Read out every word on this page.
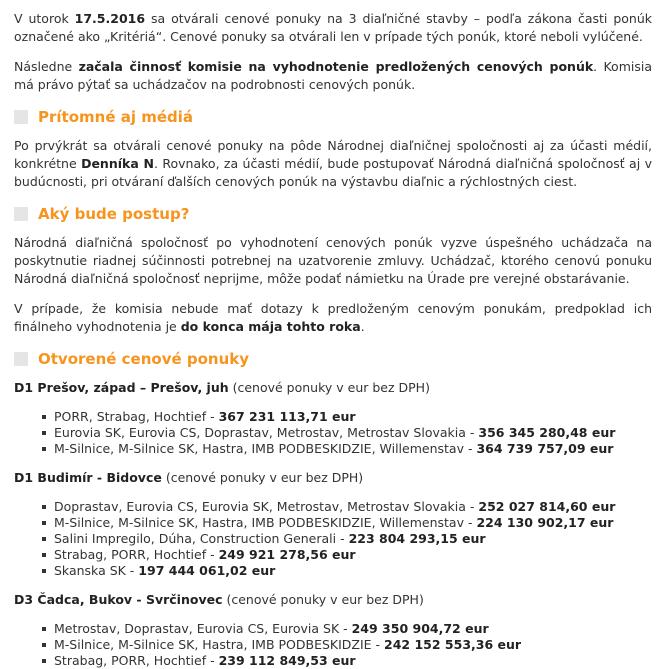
V utorok 17.5.2016 sa otvárali cenové ponuky na 3 diaľničné stavby – podľa zákona časti ponúk označené ako „Kritériá“. Cenové ponuky sa otvárali len v prípade tých ponúk, ktoré neboli vylúčené.

Následne začala činnosť komisie na vyhodnotenie predložených cenových ponúk. Komisia má právo pýtať sa uchádzačov na podrobnosti cenových ponúk.

Prítomné aj médiá

Po prvýkrát sa otvárali cenové ponuky na pôde Národnej diaľničnej spoločnosti aj za účasti médií, konkrétne Denníka N. Rovnako, za účasti médií, bude postupovať Národná diaľničná spoločnosť aj v budúcnosti, pri otváraní ďalších cenových ponúk na výstavbu diaľnic a rýchlostných ciest.

Aký bude postup?

Národná diaľničná spoločnosť po vyhodnotení cenových ponúk vyzve úspešného uchádzača na poskytnutie riadnej súčinnosti potrebnej na uzatvorenie zmluvy. Uchádzač, ktorého cenovú ponuku Národná diaľničná spoločnosť neprijme, môže podať námietku na Úrade pre verejné obstarávanie.

V prípade, že komisia nebude mať dotazy k predloženým cenovým ponukám, predpoklad ich finálneho vyhodnotenia je do konca mája tohto roka.

Otvorené cenové ponuky
D1 Prešov, západ – Prešov, juh (cenové ponuky v eur bez DPH)
PORR, Strabag, Hochtief - 367 231 113,71 eur
Eurovia SK, Eurovia CS, Doprastav, Metrostav, Metrostav Slovakia - 356 345 280,48 eur
M-Silnice, M-Silnice SK, Hastra, IMB PODBESKIDZIE, Willemenstav - 364 739 757,09 eur
D1 Budimír - Bidovce (cenové ponuky v eur bez DPH)
Doprastav, Eurovia CS, Eurovia SK, Metrostav, Metrostav Slovakia - 252 027 814,60 eur
M-Silnice, M-Silnice SK, Hastra, IMB PODBESKIDZIE, Willemenstav - 224 130 902,17 eur
Salini Impregilo, Dúha, Construction Generali - 223 804 293,15 eur
Strabag, PORR, Hochtief - 249 921 278,56 eur
Skanska SK - 197 444 061,02 eur
D3 Čadca, Bukov - Svrčinovec (cenové ponuky v eur bez DPH)
Metrostav, Doprastav, Eurovia CS, Eurovia SK - 249 350 904,72 eur
M-Silnice, M-Silnice SK, Hastra, IMB PODBESKIDZIE - 242 152 553,36 eur
Strabag, PORR, Hochtief - 239 112 849,53 eur
